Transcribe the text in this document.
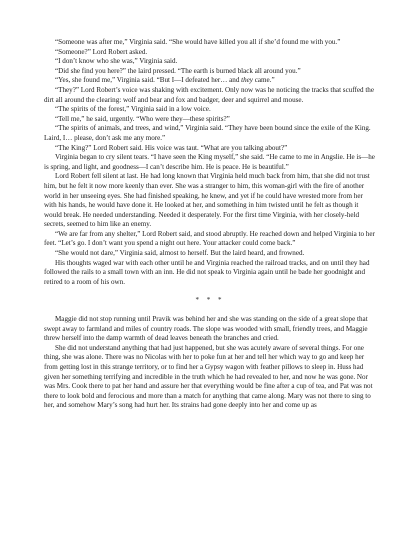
“Someone was after me,” Virginia said. “She would have killed you all if she’d found me with you.”

“Someone?” Lord Robert asked.

“I don’t know who she was,” Virginia said.

“Did she find you here?” the laird pressed. “The earth is burned black all around you.”

“Yes, she found me,” Virginia said. “But I—I defeated her… and they came.”

“They?” Lord Robert’s voice was shaking with excitement. Only now was he noticing the tracks that scuffed the dirt all around the clearing: wolf and bear and fox and badger, deer and squirrel and mouse.

“The spirits of the forest,” Virginia said in a low voice.

“Tell me,” he said, urgently. “Who were they—these spirits?”

“The spirits of animals, and trees, and wind,” Virginia said. “They have been bound since the exile of the King. Laird, I… please, don’t ask me any more.”

“The King?” Lord Robert said. His voice was taut. “What are you talking about?”

Virginia began to cry silent tears. “I have seen the King myself,” she said. “He came to me in Angslie. He is—he is spring, and light, and goodness—I can’t describe him. He is peace. He is beautiful.”

Lord Robert fell silent at last. He had long known that Virginia held much back from him, that she did not trust him, but he felt it now more keenly than ever. She was a stranger to him, this woman-girl with the fire of another world in her unseeing eyes. She had finished speaking, he knew, and yet if he could have wrested more from her with his hands, he would have done it. He looked at her, and something in him twisted until he felt as though it would break. He needed understanding. Needed it desperately. For the first time Virginia, with her closely-held secrets, seemed to him like an enemy.

“We are far from any shelter,” Lord Robert said, and stood abruptly. He reached down and helped Virginia to her feet. “Let’s go. I don’t want you spend a night out here. Your attacker could come back.”

“She would not dare,” Virginia said, almost to herself. But the laird heard, and frowned.

His thoughts waged war with each other until he and Virginia reached the railroad tracks, and on until they had followed the rails to a small town with an inn. He did not speak to Virginia again until he bade her goodnight and retired to a room of his own.

* * *

Maggie did not stop running until Pravik was behind her and she was standing on the side of a great slope that swept away to farmland and miles of country roads. The slope was wooded with small, friendly trees, and Maggie threw herself into the damp warmth of dead leaves beneath the branches and cried.

She did not understand anything that had just happened, but she was acutely aware of several things. For one thing, she was alone. There was no Nicolas with her to poke fun at her and tell her which way to go and keep her from getting lost in this strange territory, or to find her a Gypsy wagon with feather pillows to sleep in. Huss had given her something terrifying and incredible in the truth which he had revealed to her, and now he was gone. Nor was Mrs. Cook there to pat her hand and assure her that everything would be fine after a cup of tea, and Pat was not there to look bold and ferocious and more than a match for anything that came along. Mary was not there to sing to her, and somehow Mary’s song had hurt her. Its strains had gone deeply into her and come up as
